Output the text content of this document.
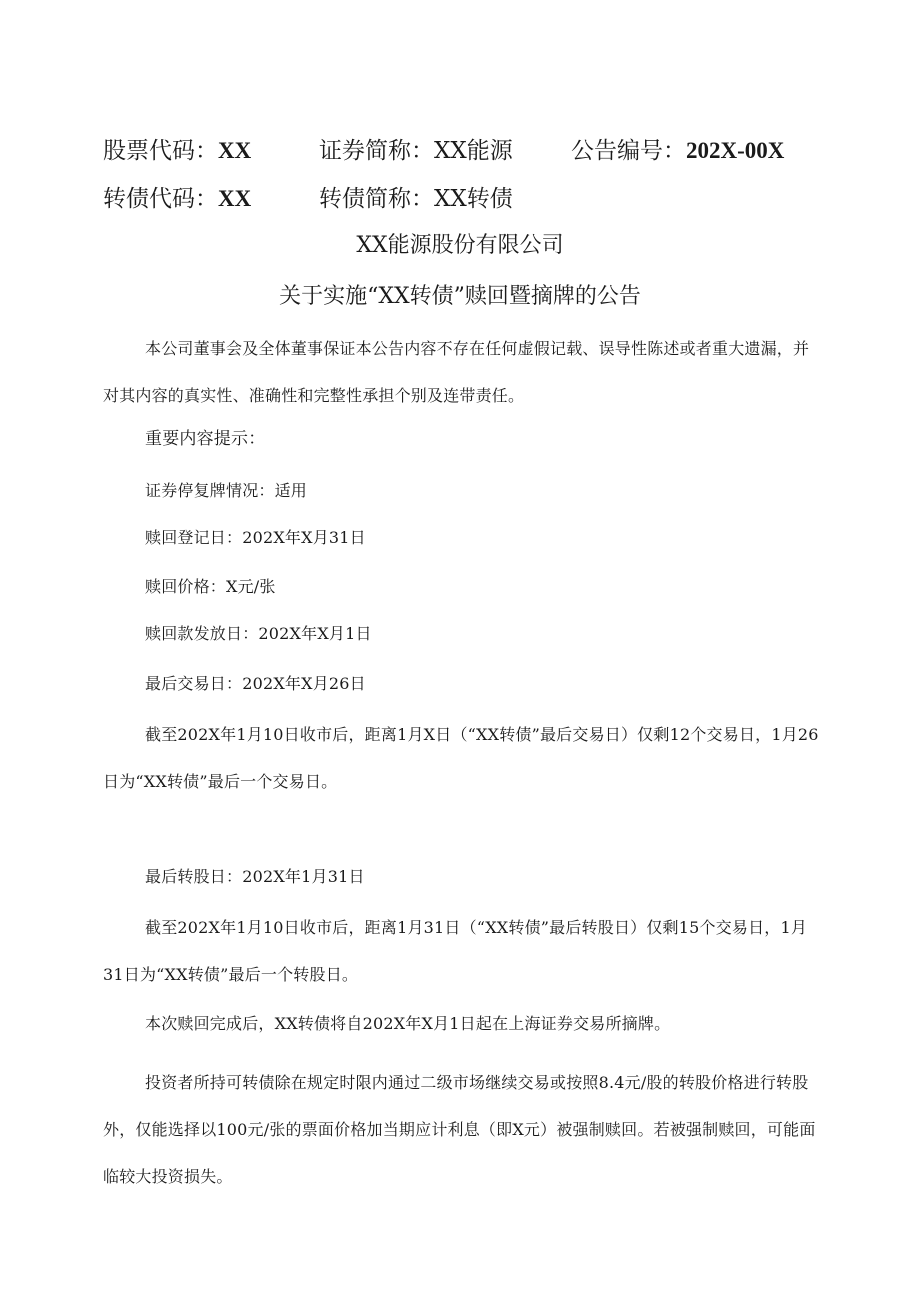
股票代码：XX	证券简称：XX能源	公告编号：202X-00X
转债代码：XX	转债简称：XX转债
XX能源股份有限公司
关于实施“XX转债”赎回暨摘牌的公告

本公司董事会及全体董事保证本公告内容不存在任何虚假记载、误导性陈述或者重大遗漏，并对其内容的真实性、准确性和完整性承担个别及连带责任。

重要内容提示：
证券停复牌情况：适用
赎回登记日：202X年X月31日
赎回价格：X元/张
赎回款发放日：202X年X月1日
最后交易日：202X年X月26日

截至202X年1月10日收市后，距离1月X日（“XX转债”最后交易日）仅剩12个交易日，1月26日为“XX转债”最后一个交易日。

最后转股日：202X年1月31日

截至202X年1月10日收市后，距离1月31日（“XX转债”最后转股日）仅剩15个交易日，1月31日为“XX转债”最后一个转股日。

本次赎回完成后，XX转债将自202X年X月1日起在上海证券交易所摘牌。

投资者所持可转债除在规定时限内通过二级市场继续交易或按照8.4元/股的转股价格进行转股外，仅能选择以100元/张的票面价格加当期应计利息（即X元）被强制赎回。若被强制赎回，可能面临较大投资损失。
